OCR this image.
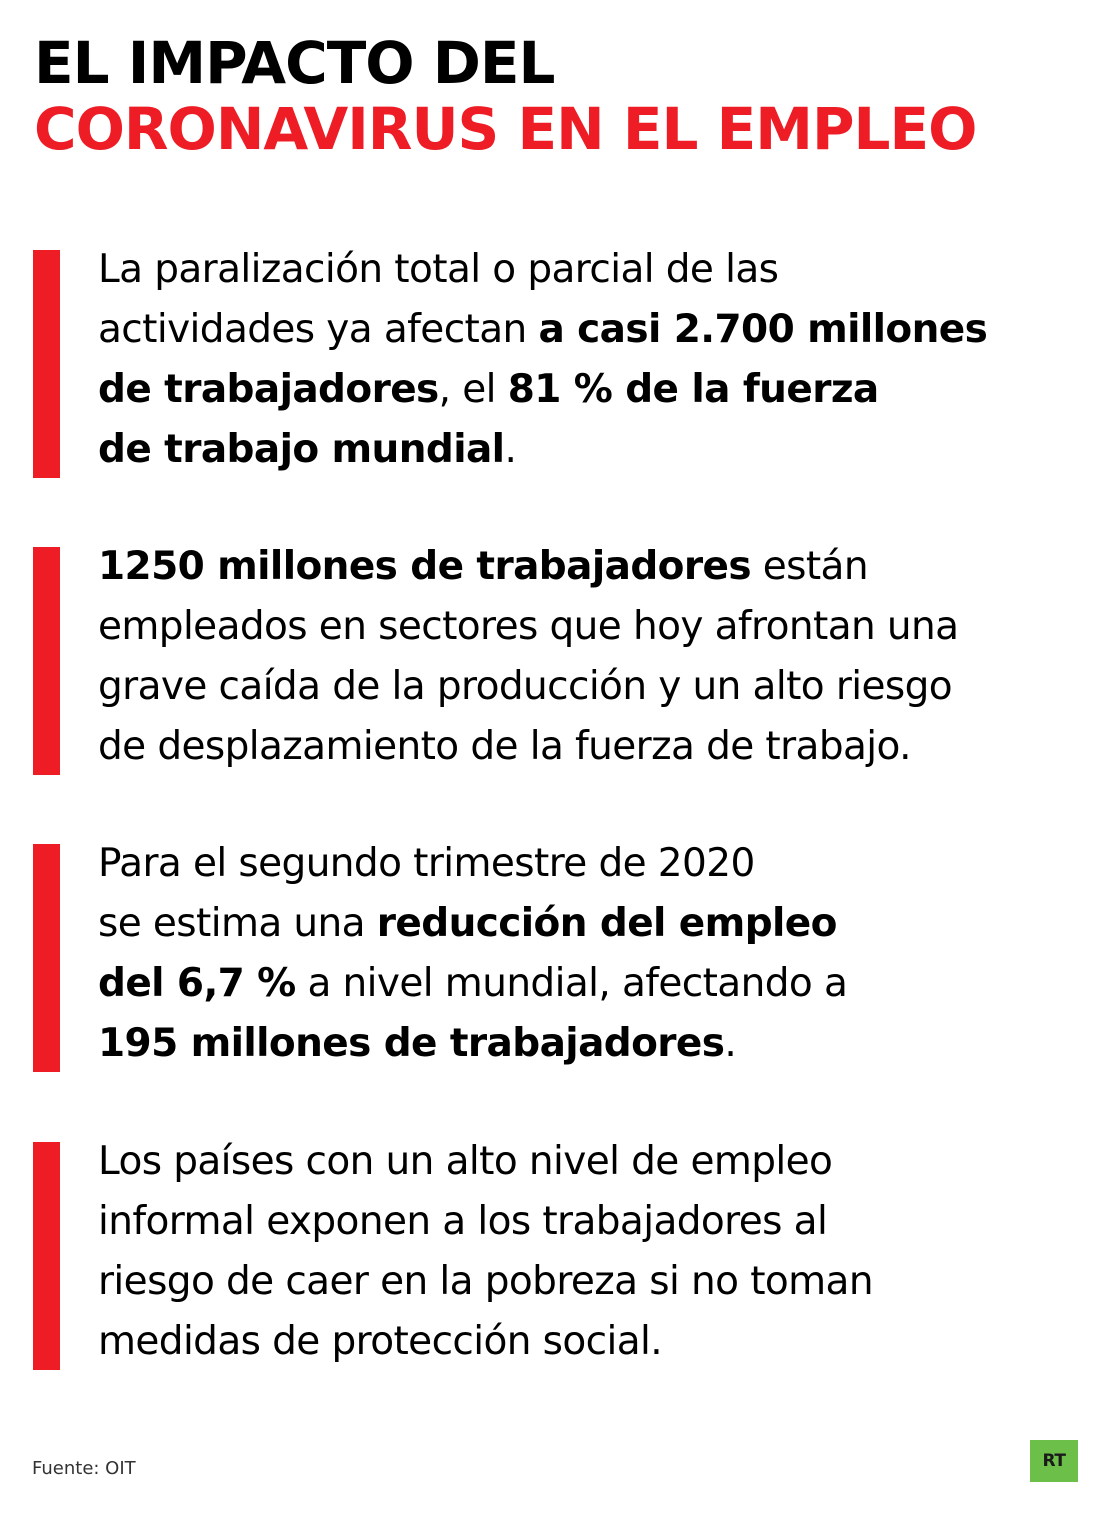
EL IMPACTO DEL
CORONAVIRUS EN EL EMPLEO

La paralización total o parcial de las
actividades ya afectan a casi 2.700 millones
de trabajadores, el 81 % de la fuerza
de trabajo mundial.

1250 millones de trabajadores están
empleados en sectores que hoy afrontan una
grave caída de la producción y un alto riesgo
de desplazamiento de la fuerza de trabajo.

Para el segundo trimestre de 2020
se estima una reducción del empleo
del 6,7 % a nivel mundial, afectando a
195 millones de trabajadores.

Los países con un alto nivel de empleo
informal exponen a los trabajadores al
riesgo de caer en la pobreza si no toman
medidas de protección social.

Fuente: OIT	RT
